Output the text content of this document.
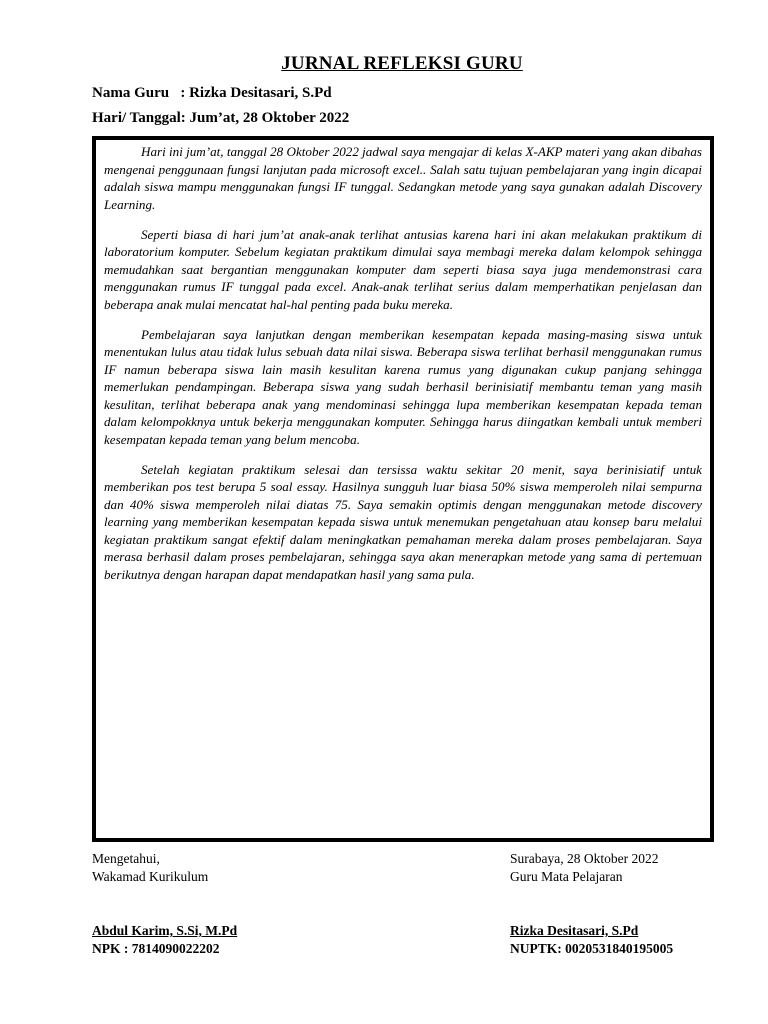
JURNAL REFLEKSI GURU
Nama Guru   : Rizka Desitasari, S.Pd
Hari/ Tanggal: Jum’at, 28 Oktober 2022

Hari ini jum’at, tanggal 28 Oktober 2022 jadwal saya mengajar di kelas X-AKP materi yang akan dibahas mengenai penggunaan fungsi lanjutan pada microsoft excel.. Salah satu tujuan pembelajaran yang ingin dicapai adalah siswa mampu menggunakan fungsi IF tunggal. Sedangkan metode yang saya gunakan adalah Discovery Learning.

Seperti biasa di hari jum’at anak-anak terlihat antusias karena hari ini akan melakukan praktikum di laboratorium komputer. Sebelum kegiatan praktikum dimulai saya membagi mereka dalam kelompok sehingga memudahkan saat bergantian menggunakan komputer dam seperti biasa saya juga mendemonstrasi cara menggunakan rumus IF tunggal pada excel. Anak-anak terlihat serius dalam memperhatikan penjelasan dan beberapa anak mulai mencatat hal-hal penting pada buku mereka.

Pembelajaran saya lanjutkan dengan memberikan kesempatan kepada masing-masing siswa untuk menentukan lulus atau tidak lulus sebuah data nilai siswa. Beberapa siswa terlihat berhasil menggunakan rumus IF namun beberapa siswa lain masih kesulitan karena rumus yang digunakan cukup panjang sehingga memerlukan pendampingan. Beberapa siswa yang sudah berhasil berinisiatif membantu teman yang masih kesulitan, terlihat beberapa anak yang mendominasi sehingga lupa memberikan kesempatan kepada teman dalam kelompokknya untuk bekerja menggunakan komputer. Sehingga harus diingatkan kembali untuk memberi kesempatan kepada teman yang belum mencoba.

Setelah kegiatan praktikum selesai dan tersissa waktu sekitar 20 menit, saya berinisiatif untuk memberikan pos test berupa 5 soal essay. Hasilnya sungguh luar biasa 50% siswa memperoleh nilai sempurna dan 40% siswa memperoleh nilai diatas 75. Saya semakin optimis dengan menggunakan metode discovery learning yang memberikan kesempatan kepada siswa untuk menemukan pengetahuan atau konsep baru melalui kegiatan praktikum sangat efektif dalam meningkatkan pemahaman mereka dalam proses pembelajaran. Saya merasa berhasil dalam proses pembelajaran, sehingga saya akan menerapkan metode yang sama di pertemuan berikutnya dengan harapan dapat mendapatkan hasil yang sama pula.

Mengetahui,
Wakamad Kurikulum
Abdul Karim, S.Si, M.Pd
NPK : 7814090022202
Surabaya, 28 Oktober 2022
Guru Mata Pelajaran
Rizka Desitasari, S.Pd
NUPTK: 0020531840195005
